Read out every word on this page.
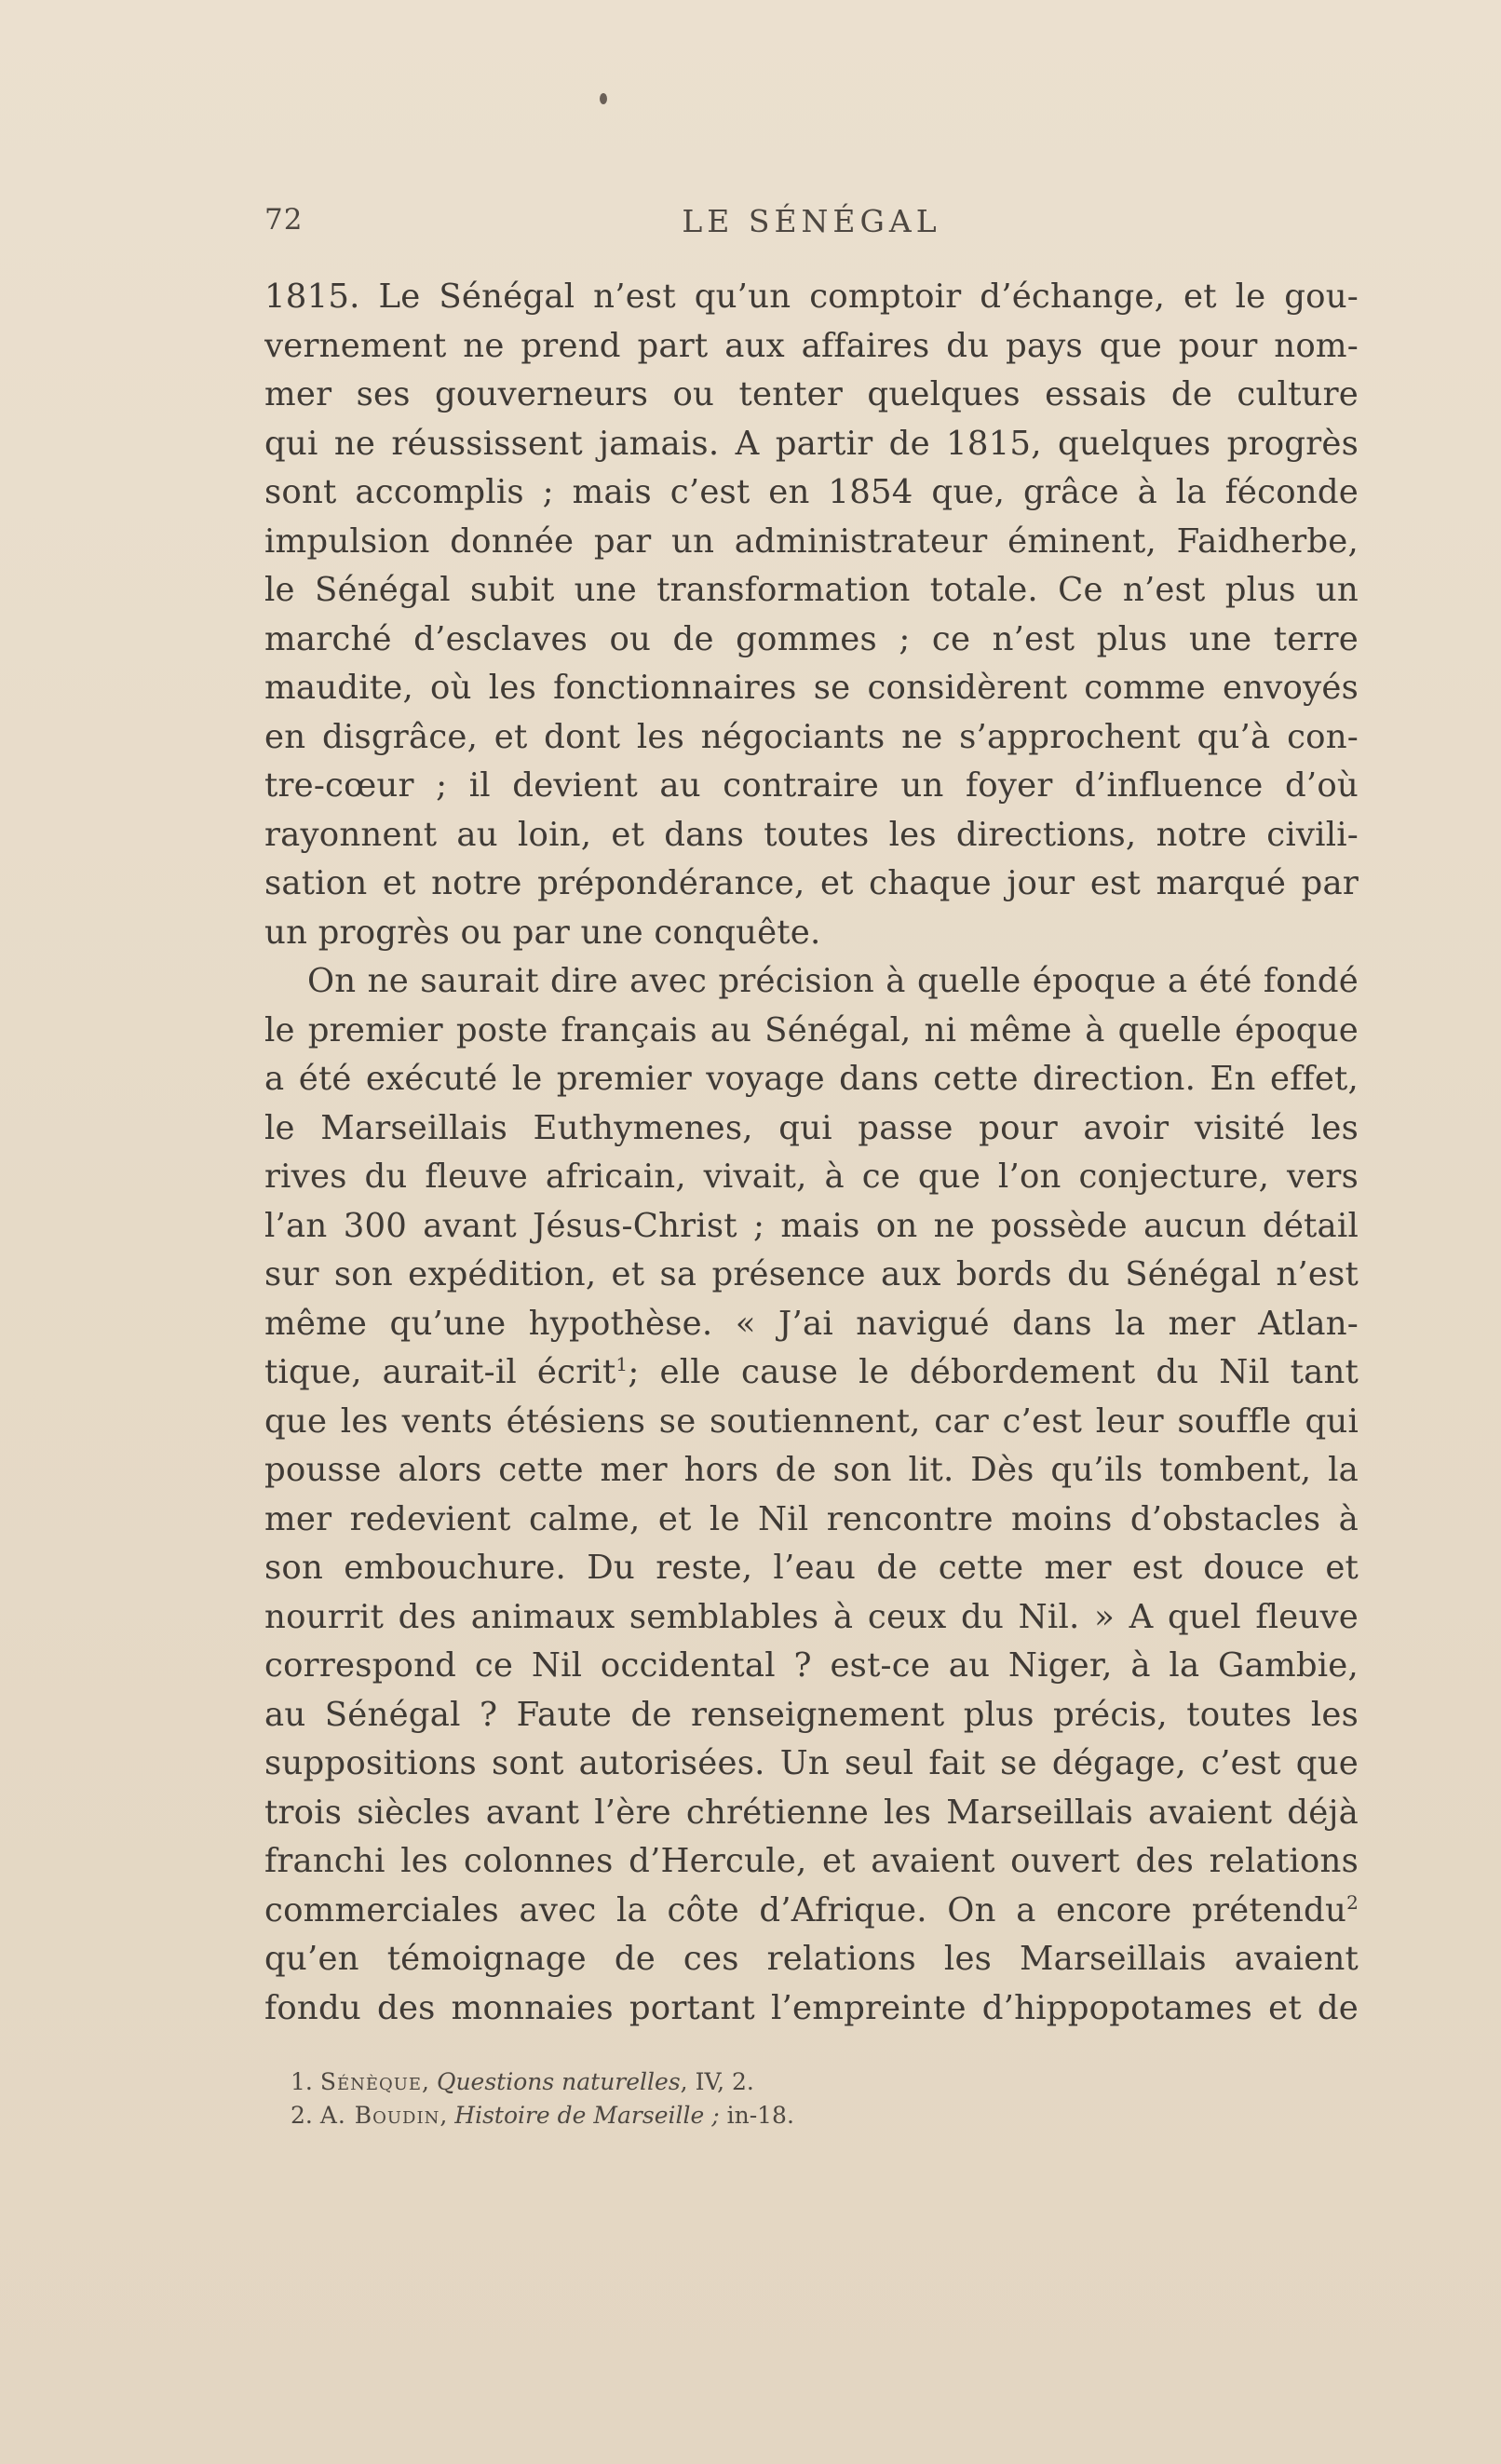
72	LE SÉNÉGAL
1815. Le Sénégal n’est qu’un comptoir d’échange, et le gou-
vernement ne prend part aux affaires du pays que pour nom-
mer ses gouverneurs ou tenter quelques essais de culture
qui ne réussissent jamais. A partir de 1815, quelques progrès
sont accomplis ; mais c’est en 1854 que, grâce à la féconde
impulsion donnée par un administrateur éminent, Faidherbe,
le Sénégal subit une transformation totale. Ce n’est plus un
marché d’esclaves ou de gommes ; ce n’est plus une terre
maudite, où les fonctionnaires se considèrent comme envoyés
en disgrâce, et dont les négociants ne s’approchent qu’à con-
tre-cœur ; il devient au contraire un foyer d’influence d’où
rayonnent au loin, et dans toutes les directions, notre civili-
sation et notre prépondérance, et chaque jour est marqué par
un progrès ou par une conquête.
On ne saurait dire avec précision à quelle époque a été fondé
le premier poste français au Sénégal, ni même à quelle époque
a été exécuté le premier voyage dans cette direction. En effet,
le Marseillais Euthymenes, qui passe pour avoir visité les
rives du fleuve africain, vivait, à ce que l’on conjecture, vers
l’an 300 avant Jésus-Christ ; mais on ne possède aucun détail
sur son expédition, et sa présence aux bords du Sénégal n’est
même qu’une hypothèse. « J’ai navigué dans la mer Atlan-
tique, aurait-il écrit$^1$; elle cause le débordement du Nil tant
que les vents étésiens se soutiennent, car c’est leur souffle qui
pousse alors cette mer hors de son lit. Dès qu’ils tombent, la
mer redevient calme, et le Nil rencontre moins d’obstacles à
son embouchure. Du reste, l’eau de cette mer est douce et
nourrit des animaux semblables à ceux du Nil. » A quel fleuve
correspond ce Nil occidental ? est-ce au Niger, à la Gambie,
au Sénégal ? Faute de renseignement plus précis, toutes les
suppositions sont autorisées. Un seul fait se dégage, c’est que
trois siècles avant l’ère chrétienne les Marseillais avaient déjà
franchi les colonnes d’Hercule, et avaient ouvert des relations
commerciales avec la côte d’Afrique. On a encore prétendu$^2$
qu’en témoignage de ces relations les Marseillais avaient
fondu des monnaies portant l’empreinte d’hippopotames et de
1. Sénèque, Questions naturelles, IV, 2.
2. A. Boudin, Histoire de Marseille ; in-18.
